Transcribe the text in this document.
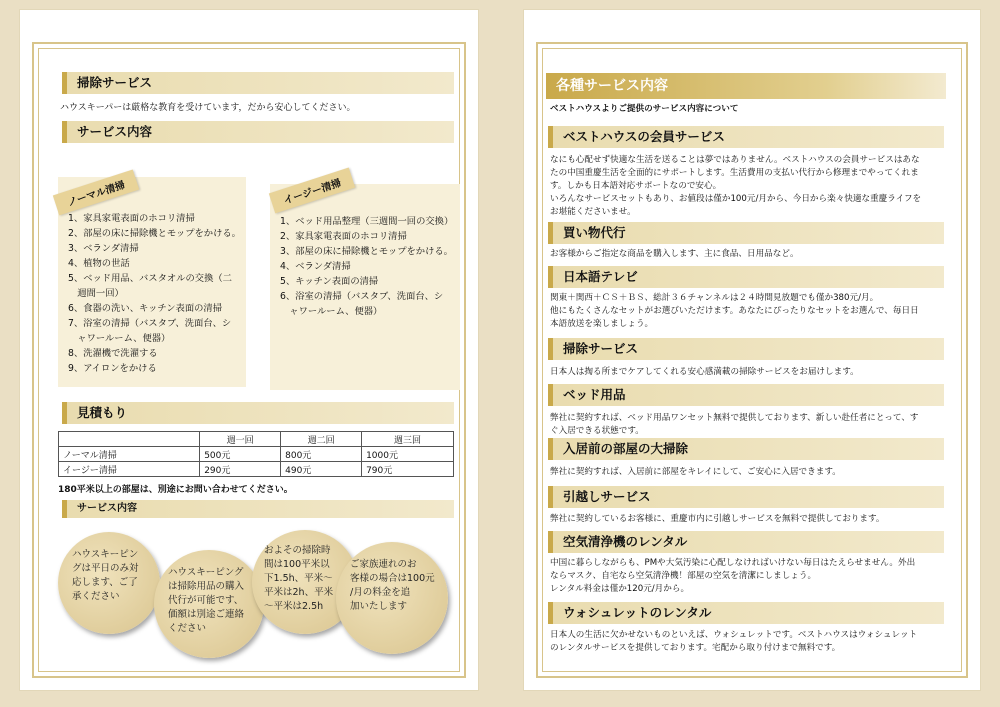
掃除サービス
ハウスキーパーは厳格な教育を受けています，だから安心してください。
サービス内容
1、家具家電表面のホコリ清掃
2、部屋の床に掃除機とモップをかける。
3、ベランダ清掃
4、植物の世話
5、ベッド用品、バスタオルの交換（二
　週間一回）
6、食器の洗い、キッチン表面の清掃
7、浴室の清掃（バスタブ、洗面台、シ
　ャワールーム、便器）
8、洗濯機で洗濯する
9、アイロンをかける
ノーマル清掃
1、ベッド用品整理（三週間一回の交換）
2、家具家電表面のホコリ清掃
3、部屋の床に掃除機とモップをかける。
4、ベランダ清掃
5、キッチン表面の清掃
6、浴室の清掃（バスタブ、洗面台、シ
　ャワールーム、便器）
イージー清掃
見積もり
	週一回	週二回	週三回
ノーマル清掃	500元	800元	1000元
イージー清掃	290元	490元	790元
180平米以上の部屋は、別途にお問い合わせてください。
サービス内容
ハウスキーピン
グは平日のみ対
応します、ご了
承ください
ハウスキーピング
は掃除用品の購入
代行が可能です、
価額は別途ご連絡
ください
およその掃除時
間は100平米以
下1.5h、平米～
平米は2h、平米
～平米は2.5h
ご家族連れのお
客様の場合は100元
/月の料金を追
加いたします
各種サービス内容
ベストハウスよりご提供のサービス内容について
ベストハウスの会員サービス
なにも心配せず快適な生活を送ることは夢ではありません。ベストハウスの会員サービスはあな
たの中国重慶生活を全面的にサポートします。生活費用の支払い代行から修理までやってくれま
す。しかも日本語対応サポートなので安心。
いろんなサービスセットもあり、お値段は僅か100元/月から、今日から楽々快適な重慶ライフを
お堪能くださいませ。
買い物代行
お客様からご指定な商品を購入します、主に食品、日用品など。
日本語テレビ
関東＋関西＋ＣＳ＋ＢＳ、総計３６チャンネルは２４時間見放題でも僅か380元/月。
他にもたくさんなセットがお選びいただけます。あなたにぴったりなセットをお選んで、毎日日
本語放送を楽しましょう。
掃除サービス
日本人は掏る所までケアしてくれる安心感満載の掃除サービスをお届けします。
ベッド用品
弊社に契約すれば、ベッド用品ワンセット無料で提供しております、新しい赴任者にとって、す
ぐ入居できる状態です。
入居前の部屋の大掃除
弊社に契約すれば、入居前に部屋をキレイにして、ご安心に入居できます。
引越しサービス
弊社に契約しているお客様に、重慶市内に引越しサービスを無料で提供しております。
空気清浄機のレンタル
中国に暮らしながらも、PMや大気汚染に心配しなければいけない毎日はたえらせません。外出
ならマスク、自宅なら空気清浄機！部屋の空気を清潔にしましょう。
レンタル料金は僅か120元/月から。
ウォシュレットのレンタル
日本人の生活に欠かせないものといえば、ウォシュレットです。ベストハウスはウォシュレット
のレンタルサービスを提供しております。宅配から取り付けまで無料です。
